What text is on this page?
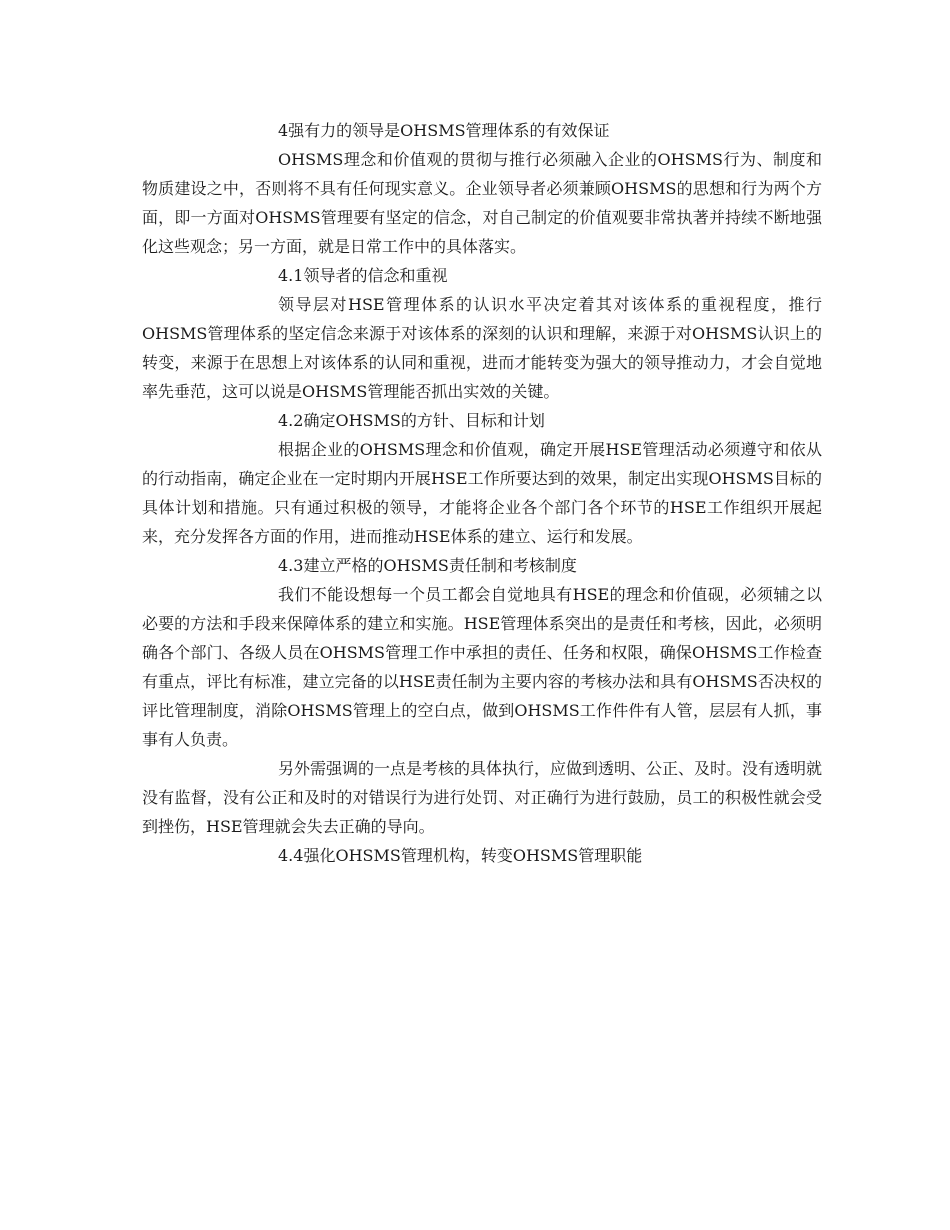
4强有力的领导是OHSMS管理体系的有效保证

OHSMS理念和价值观的贯彻与推行必须融入企业的OHSMS行为、制度和物质建设之中，否则将不具有任何现实意义。企业领导者必须兼顾OHSMS的思想和行为两个方面，即一方面对OHSMS管理要有坚定的信念，对自己制定的价值观要非常执著并持续不断地强化这些观念；另一方面，就是日常工作中的具体落实。

4.1领导者的信念和重视

领导层对HSE管理体系的认识水平决定着其对该体系的重视程度，推行OHSMS管理体系的坚定信念来源于对该体系的深刻的认识和理解，来源于对OHSMS认识上的转变，来源于在思想上对该体系的认同和重视，进而才能转变为强大的领导推动力，才会自觉地率先垂范，这可以说是OHSMS管理能否抓出实效的关键。

4.2确定OHSMS的方针、目标和计划

根据企业的OHSMS理念和价值观，确定开展HSE管理活动必须遵守和依从的行动指南，确定企业在一定时期内开展HSE工作所要达到的效果，制定出实现OHSMS目标的具体计划和措施。只有通过积极的领导，才能将企业各个部门各个环节的HSE工作组织开展起来，充分发挥各方面的作用，进而推动HSE体系的建立、运行和发展。

4.3建立严格的OHSMS责任制和考核制度

我们不能设想每一个员工都会自觉地具有HSE的理念和价值砚，必须辅之以必要的方法和手段来保障体系的建立和实施。HSE管理体系突出的是责任和考核，因此，必须明确各个部门、各级人员在OHSMS管理工作中承担的责任、任务和权限，确保OHSMS工作检查有重点，评比有标准，建立完备的以HSE责任制为主要内容的考核办法和具有OHSMS否决权的评比管理制度，消除OHSMS管理上的空白点，做到OHSMS工作件件有人管，层层有人抓，事事有人负责。

另外需强调的一点是考核的具体执行，应做到透明、公正、及时。没有透明就没有监督，没有公正和及时的对错误行为进行处罚、对正确行为进行鼓励，员工的积极性就会受到挫伤，HSE管理就会失去正确的导向。

4.4强化OHSMS管理机构，转变OHSMS管理职能
